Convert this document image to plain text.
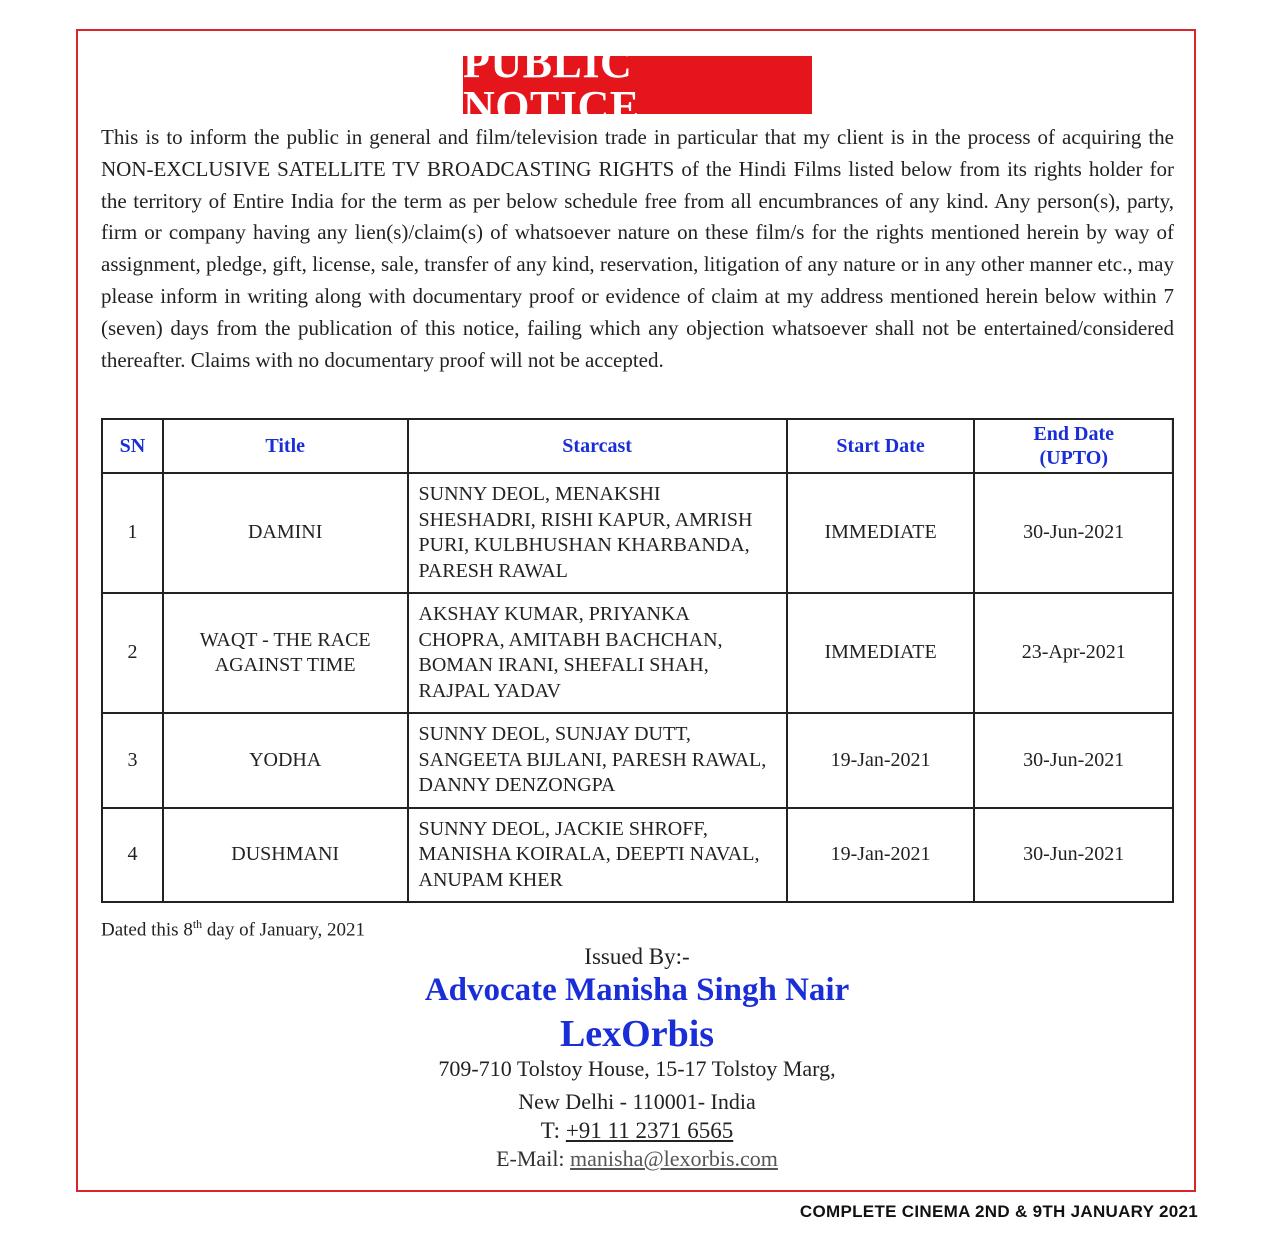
PUBLIC NOTICE

This is to inform the public in general and film/television trade in particular that my client is in the process of acquiring the NON-EXCLUSIVE SATELLITE TV BROADCASTING RIGHTS of the Hindi Films listed below from its rights holder for the territory of Entire India for the term as per below schedule free from all encumbrances of any kind. Any person(s), party, firm or company having any lien(s)/claim(s) of whatsoever nature on these film/s for the rights mentioned herein by way of assignment, pledge, gift, license, sale, transfer of any kind, reservation, litigation of any nature or in any other manner etc., may please inform in writing along with documentary proof or evidence of claim at my address mentioned herein below within 7 (seven) days from the publication of this notice, failing which any objection whatsoever shall not be entertained/considered thereafter. Claims with no documentary proof will not be accepted.

SN	Title	Starcast	Start Date	End Date
(UPTO)
1	DAMINI	SUNNY DEOL, MENAKSHI SHESHADRI, RISHI KAPUR, AMRISH PURI, KULBHUSHAN KHARBANDA, PARESH RAWAL	IMMEDIATE	30-Jun-2021
2	WAQT - THE RACE AGAINST TIME	AKSHAY KUMAR, PRIYANKA CHOPRA, AMITABH BACHCHAN, BOMAN IRANI, SHEFALI SHAH, RAJPAL YADAV	IMMEDIATE	23-Apr-2021
3	YODHA	SUNNY DEOL, SUNJAY DUTT, SANGEETA BIJLANI, PARESH RAWAL, DANNY DENZONGPA	19-Jan-2021	30-Jun-2021
4	DUSHMANI	SUNNY DEOL, JACKIE SHROFF, MANISHA KOIRALA, DEEPTI NAVAL, ANUPAM KHER	19-Jan-2021	30-Jun-2021
Dated this 8th day of January, 2021
Issued By:-
Advocate Manisha Singh Nair
LexOrbis
709-710 Tolstoy House, 15-17 Tolstoy Marg,
New Delhi - 110001- India
T: +91 11 2371 6565
E-Mail: manisha@lexorbis.com
COMPLETE CINEMA 2ND & 9TH JANUARY 2021
